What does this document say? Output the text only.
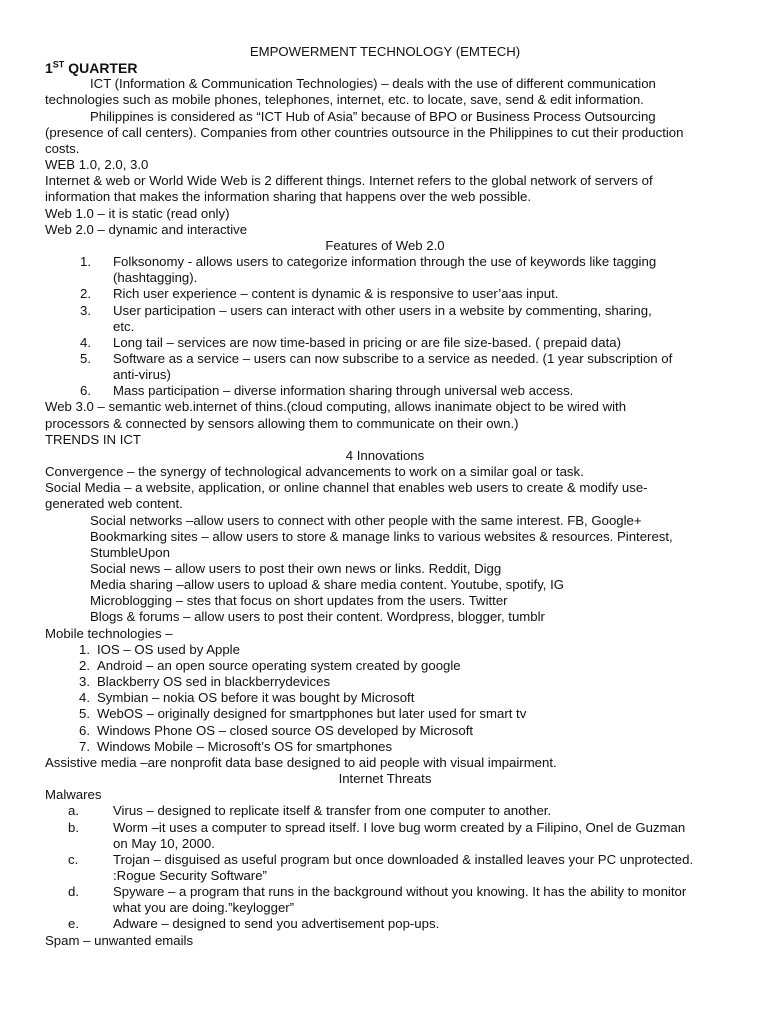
EMPOWERMENT TECHNOLOGY (EMTECH)
1ST QUARTER
ICT (Information & Communication Technologies) – deals with the use of different communication
technologies such as mobile phones, telephones, internet, etc. to locate, save, send & edit information.
Philippines is considered as “ICT Hub of Asia” because of BPO or Business Process Outsourcing
(presence of call centers). Companies from other countries outsource in the Philippines to cut their production
costs.
WEB 1.0, 2.0, 3.0
Internet & web or World Wide Web is 2 different things. Internet refers to the global network of servers of
information that makes the information sharing that happens over the web possible.
Web 1.0 – it is static (read only)
Web 2.0 – dynamic and interactive
Features of Web 2.0
1.	Folksonomy - allows users to categorize information through the use of keywords like tagging
(hashtagging).
2.	Rich user experience – content is dynamic & is responsive to user’aas input.
3.	User participation – users can interact with other users in a website by commenting, sharing,
etc.
4.	Long tail – services are now time-based in pricing or are file size-based. ( prepaid data)
5.	Software as a service – users can now subscribe to a service as needed. (1 year subscription of
anti-virus)
6.	Mass participation – diverse information sharing through universal web access.
Web 3.0 – semantic web.internet of thins.(cloud computing, allows inanimate object to be wired with
processors & connected by sensors allowing them to communicate on their own.)
TRENDS IN ICT
4 Innovations
Convergence – the synergy of technological advancements to work on a similar goal or task.
Social Media – a website, application, or online channel that enables web users to create & modify use-
generated web content.
Social networks –allow users to connect with other people with the same interest. FB, Google+
Bookmarking sites – allow users to store & manage links to various websites & resources. Pinterest,
StumbleUpon
Social news – allow users to post their own news or links. Reddit, Digg
Media sharing –allow users to upload & share media content. Youtube, spotify, IG
Microblogging – stes that focus on short updates from the users. Twitter
Blogs & forums – allow users to post their content. Wordpress, blogger, tumblr
Mobile technologies –
1. IOS – OS used by Apple
2. Android – an open source operating system created by google
3. Blackberry OS sed in blackberrydevices
4. Symbian – nokia OS before it was bought by Microsoft
5. WebOS – originally designed for smartpphones but later used for smart tv
6. Windows Phone OS – closed source OS developed by Microsoft
7. Windows Mobile – Microsoft’s OS for smartphones
Assistive media –are nonprofit data base designed to aid people with visual impairment.
Internet Threats
Malwares
a.	Virus – designed to replicate itself & transfer from one computer to another.
b.	Worm –it uses a computer to spread itself. I love bug worm created by a Filipino, Onel de Guzman
on May 10, 2000.
c.	Trojan – disguised as useful program but once downloaded & installed leaves your PC unprotected.
:Rogue Security Software”
d.	Spyware – a program that runs in the background without you knowing. It has the ability to monitor
what you are doing.”keylogger”
e.	Adware – designed to send you advertisement pop-ups.
Spam – unwanted emails
